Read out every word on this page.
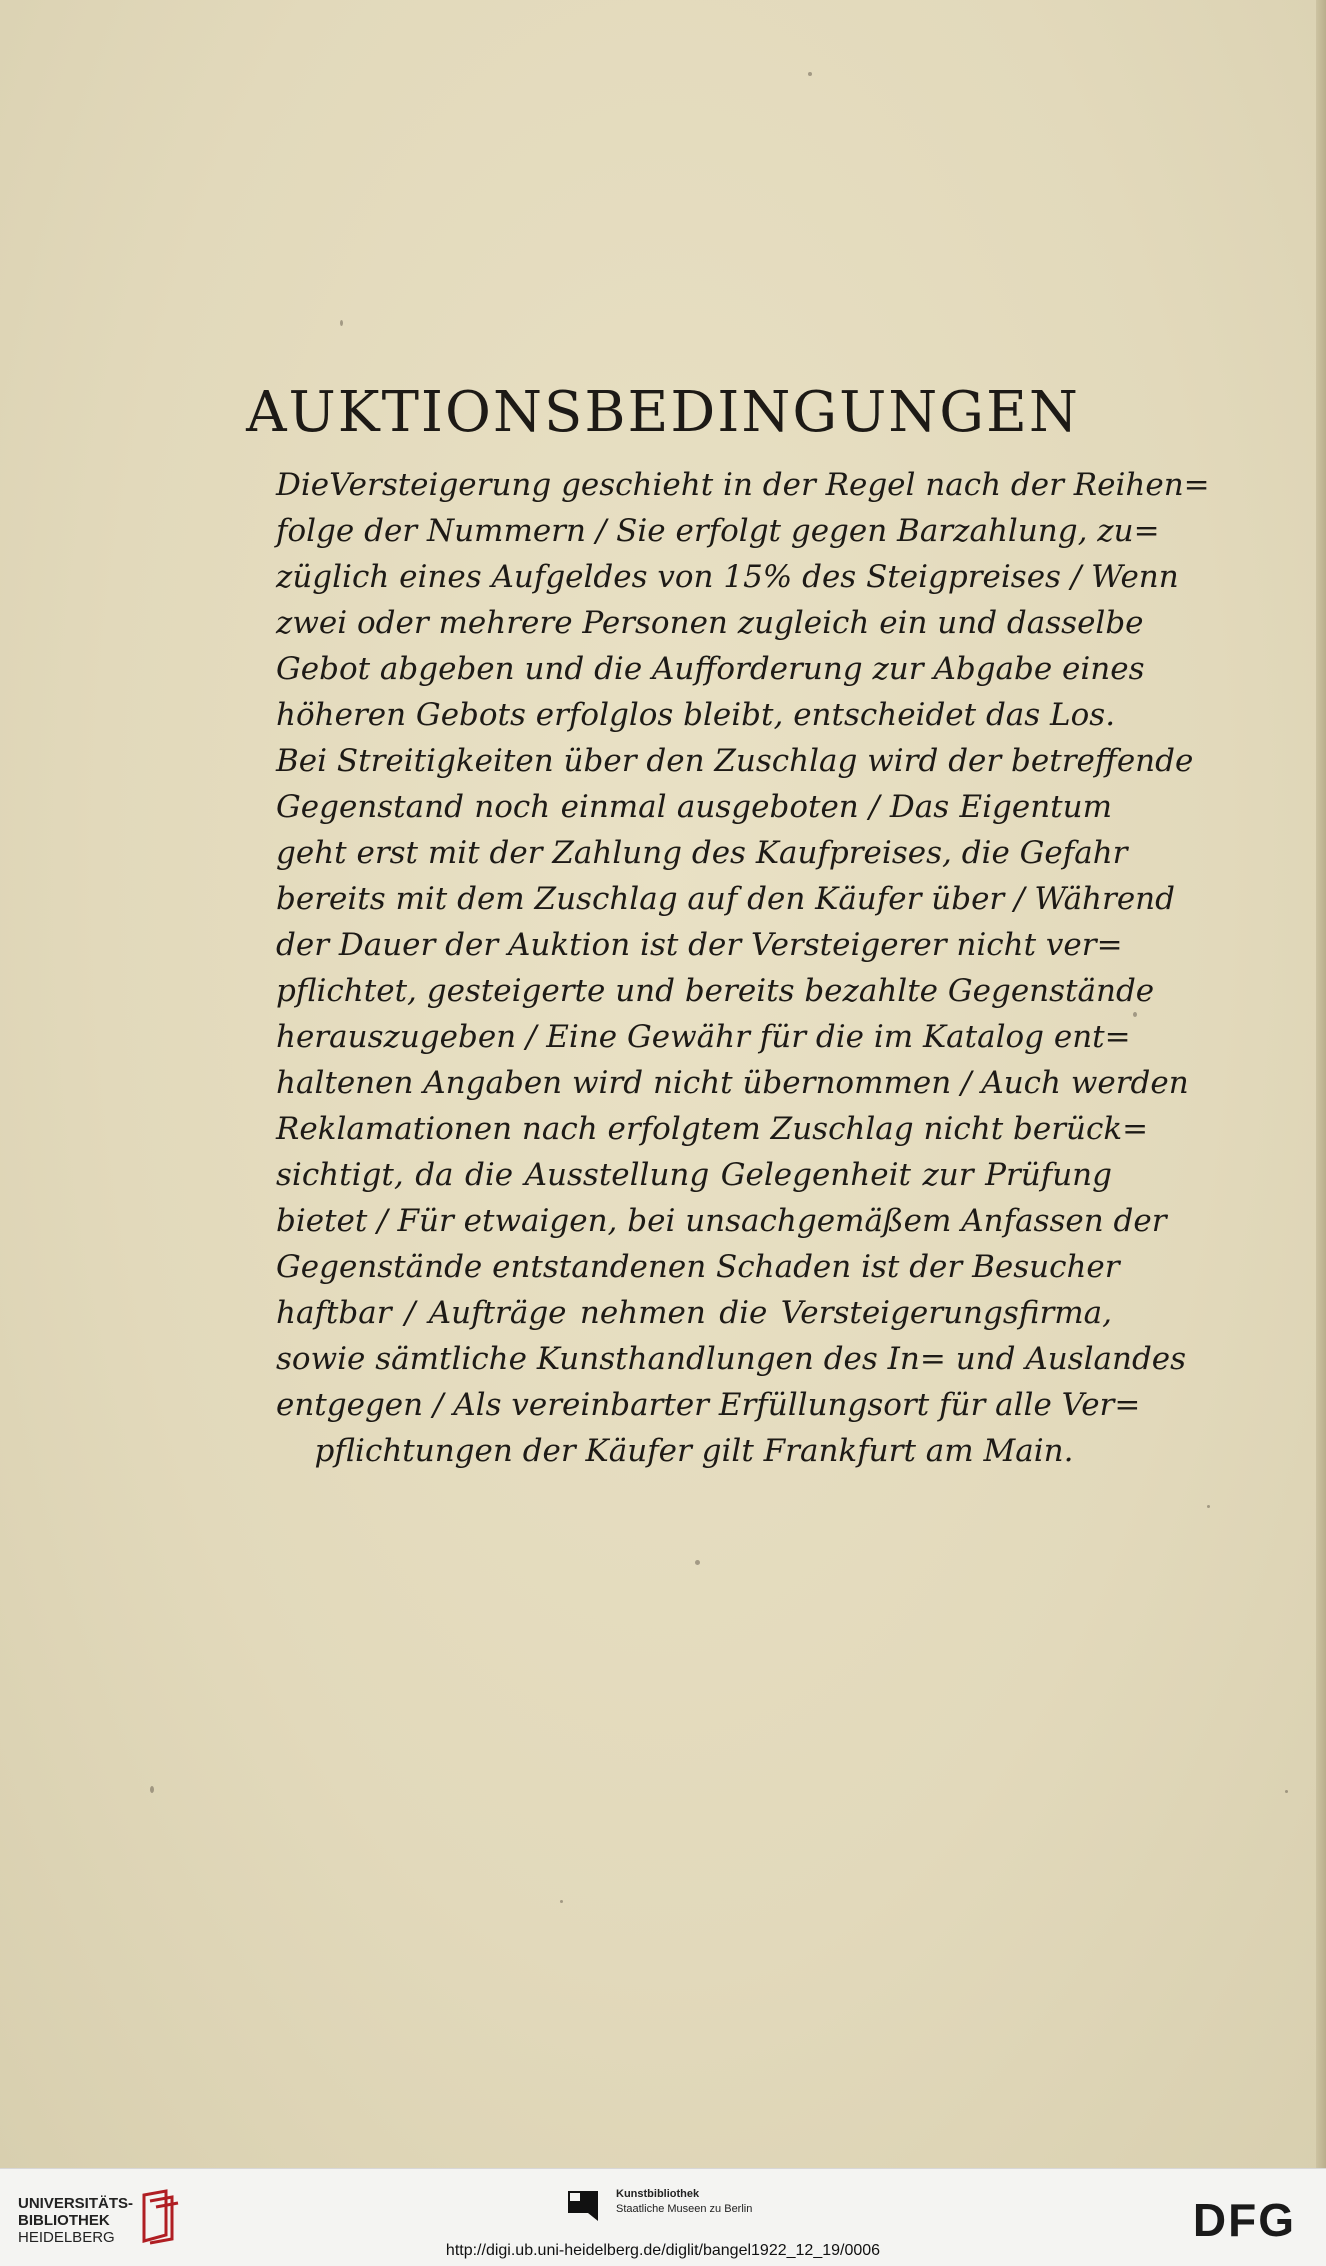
AUKTIONSBEDINGUNGEN
DieVersteigerung geschieht in der Regel nach der Reihen=
folge der Nummern / Sie erfolgt gegen Barzahlung, zu=
züglich eines Aufgeldes von 15% des Steigpreises / Wenn
zwei oder mehrere Personen zugleich ein und dasselbe
Gebot abgeben und die Aufforderung zur Abgabe eines
höheren Gebots erfolglos bleibt, entscheidet das Los.
Bei Streitigkeiten über den Zuschlag wird der betreffende
Gegenstand noch einmal ausgeboten / Das Eigentum
geht erst mit der Zahlung des Kaufpreises, die Gefahr
bereits mit dem Zuschlag auf den Käufer über / Während
der Dauer der Auktion ist der Versteigerer nicht ver=
pflichtet, gesteigerte und bereits bezahlte Gegenstände
herauszugeben / Eine Gewähr für die im Katalog ent=
haltenen Angaben wird nicht übernommen / Auch werden
Reklamationen nach erfolgtem Zuschlag nicht berück=
sichtigt, da die Ausstellung Gelegenheit zur Prüfung
bietet / Für etwaigen, bei unsachgemäßem Anfassen der
Gegenstände entstandenen Schaden ist der Besucher
haftbar / Aufträge nehmen die Versteigerungsfirma,
sowie sämtliche Kunsthandlungen des In= und Auslandes
entgegen / Als vereinbarter Erfüllungsort für alle Ver=
pflichtungen der Käufer gilt Frankfurt am Main.
UNIVERSITÄTS-
BIBLIOTHEK
HEIDELBERG
Kunstbibliothek
Staatliche Museen zu Berlin	DFG
http://digi.ub.uni-heidelberg.de/diglit/bangel1922_12_19/0006
